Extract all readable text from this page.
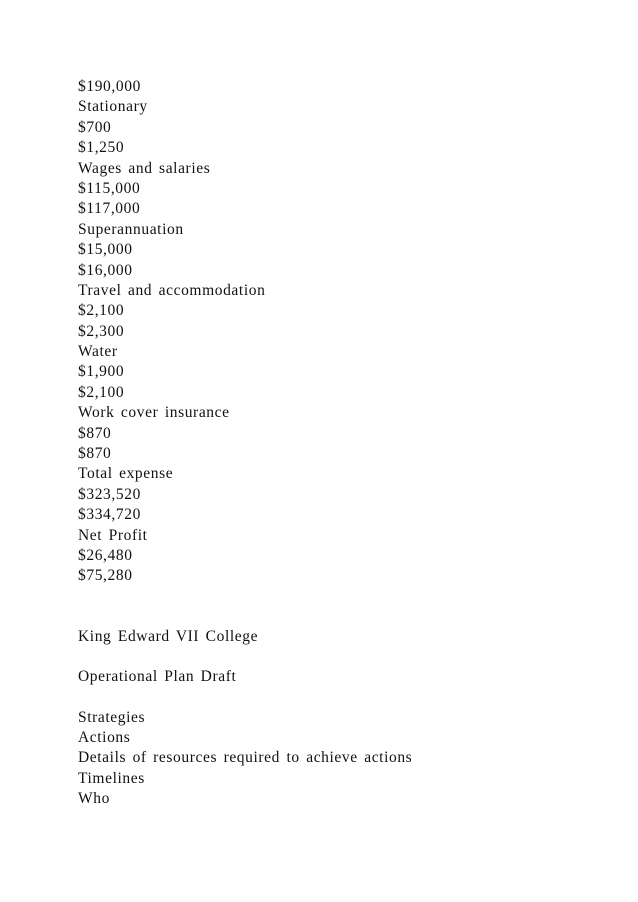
$190,000
Stationary
$700
$1,250
Wages and salaries
$115,000
$117,000
Superannuation
$15,000
$16,000
Travel and accommodation
$2,100
$2,300
Water
$1,900
$2,100
Work cover insurance
$870
$870
Total expense
$323,520
$334,720
Net Profit
$26,480
$75,280
King Edward VII College
Operational Plan Draft
Strategies
Actions
Details of resources required to achieve actions
Timelines
Who
